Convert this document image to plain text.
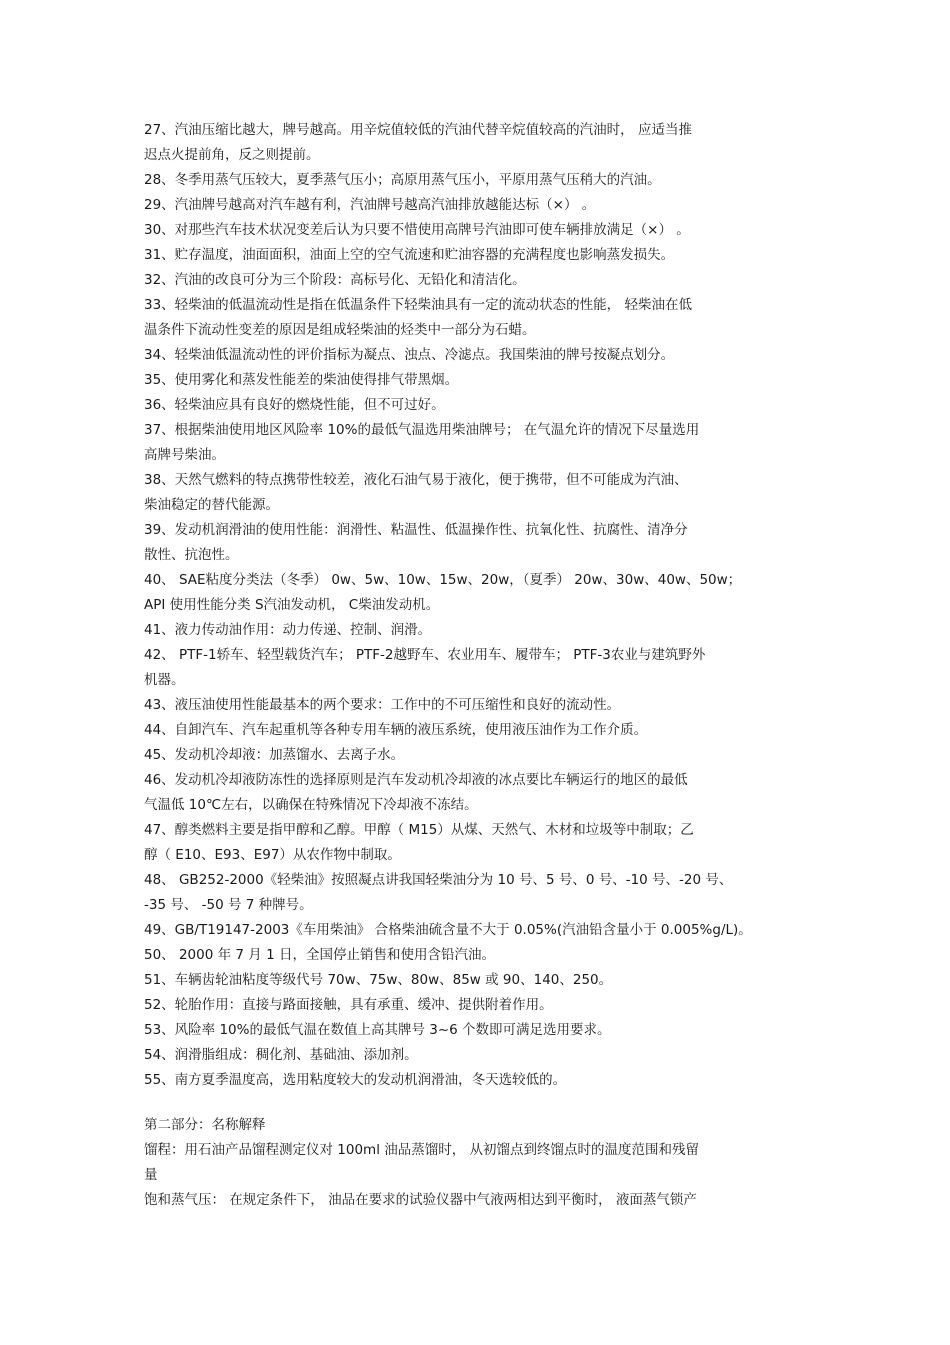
27、汽油压缩比越大，牌号越高。用辛烷值较低的汽油代替辛烷值较高的汽油时， 应适当推
迟点火提前角，反之则提前。
28、冬季用蒸气压较大，夏季蒸气压小；高原用蒸气压小，平原用蒸气压稍大的汽油。
29、汽油牌号越高对汽车越有利，汽油牌号越高汽油排放越能达标（×） 。
30、对那些汽车技术状况变差后认为只要不惜使用高牌号汽油即可使车辆排放满足（×） 。
31、贮存温度，油面面积，油面上空的空气流速和贮油容器的充满程度也影响蒸发损失。
32、汽油的改良可分为三个阶段：高标号化、无铅化和清洁化。
33、轻柴油的低温流动性是指在低温条件下轻柴油具有一定的流动状态的性能， 轻柴油在低
温条件下流动性变差的原因是组成轻柴油的烃类中一部分为石蜡。
34、轻柴油低温流动性的评价指标为凝点、浊点、冷滤点。我国柴油的牌号按凝点划分。
35、使用雾化和蒸发性能差的柴油使得排气带黑烟。
36、轻柴油应具有良好的燃烧性能，但不可过好。
37、根据柴油使用地区风险率 10%的最低气温选用柴油牌号； 在气温允许的情况下尽量选用
高牌号柴油。
38、天然气燃料的特点携带性较差，液化石油气易于液化，便于携带，但不可能成为汽油、
柴油稳定的替代能源。
39、发动机润滑油的使用性能：润滑性、粘温性、低温操作性、抗氧化性、抗腐性、清净分
散性、抗泡性。
40、 SAE粘度分类法（冬季） 0w、5w、10w、15w、20w，（夏季） 20w、30w、40w、50w；
API 使用性能分类 S汽油发动机， C柴油发动机。
41、液力传动油作用：动力传递、控制、润滑。
42、 PTF-1轿车、轻型载货汽车； PTF-2越野车、农业用车、履带车； PTF-3农业与建筑野外
机器。
43、液压油使用性能最基本的两个要求：工作中的不可压缩性和良好的流动性。
44、自卸汽车、汽车起重机等各种专用车辆的液压系统，使用液压油作为工作介质。
45、发动机冷却液：加蒸馏水、去离子水。
46、发动机冷却液防冻性的选择原则是汽车发动机冷却液的冰点要比车辆运行的地区的最低
气温低 10℃左右，以确保在特殊情况下冷却液不冻结。
47、醇类燃料主要是指甲醇和乙醇。甲醇（ M15）从煤、天然气、木材和垃圾等中制取；乙
醇（ E10、E93、E97）从农作物中制取。
48、 GB252-2000《轻柴油》按照凝点讲我国轻柴油分为 10 号、5 号、0 号、-10 号、-20 号、
-35 号、 -50 号 7 种牌号。
49、GB/T19147-2003《车用柴油》 合格柴油硫含量不大于 0.05%(汽油铅含量小于 0.005%g/L)。
50、 2000 年 7 月 1 日，全国停止销售和使用含铅汽油。
51、车辆齿轮油粘度等级代号 70w、75w、80w、85w 或 90、140、250。
52、轮胎作用：直接与路面接触，具有承重、缓冲、提供附着作用。
53、风险率 10%的最低气温在数值上高其牌号 3~6 个数即可满足选用要求。
54、润滑脂组成：稠化剂、基础油、添加剂。
55、南方夏季温度高，选用粘度较大的发动机润滑油，冬天选较低的。
第二部分：名称解释
馏程：用石油产品馏程测定仪对 100ml 油品蒸馏时， 从初馏点到终馏点时的温度范围和残留
量
饱和蒸气压： 在规定条件下， 油品在要求的试验仪器中气液两相达到平衡时， 液面蒸气锁产
